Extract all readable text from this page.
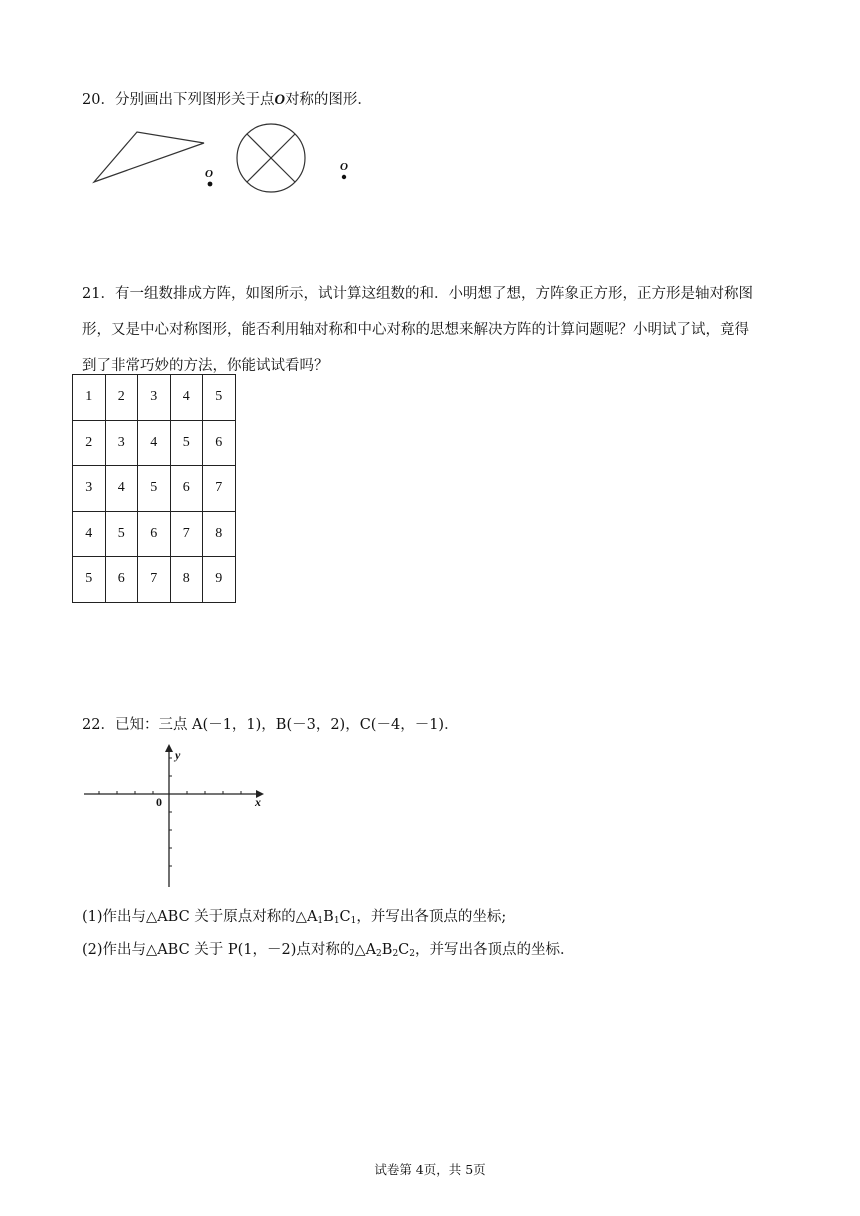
20．分别画出下列图形关于点O对称的图形．
O
O
21．有一组数排成方阵，如图所示，试计算这组数的和．小明想了想，方阵象正方形，正方形是轴对称图
形，又是中心对称图形，能否利用轴对称和中心对称的思想来解决方阵的计算问题呢？小明试了试，竟得
到了非常巧妙的方法，你能试试看吗？
1	2	3	4	5
2	3	4	5	6
3	4	5	6	7
4	5	6	7	8
5	6	7	8	9
22．已知：三点 A(－1，1)，B(－3，2)，C(－4，－1)．
y
x
0
(1)作出与△ABC 关于原点对称的$\triangle A_1B_1C_1$，并写出各顶点的坐标;
(2)作出与△ABC 关于 P(1，－2)点对称的$\triangle A_2B_2C_2$，并写出各顶点的坐标．
试卷第 4页，共 5页
